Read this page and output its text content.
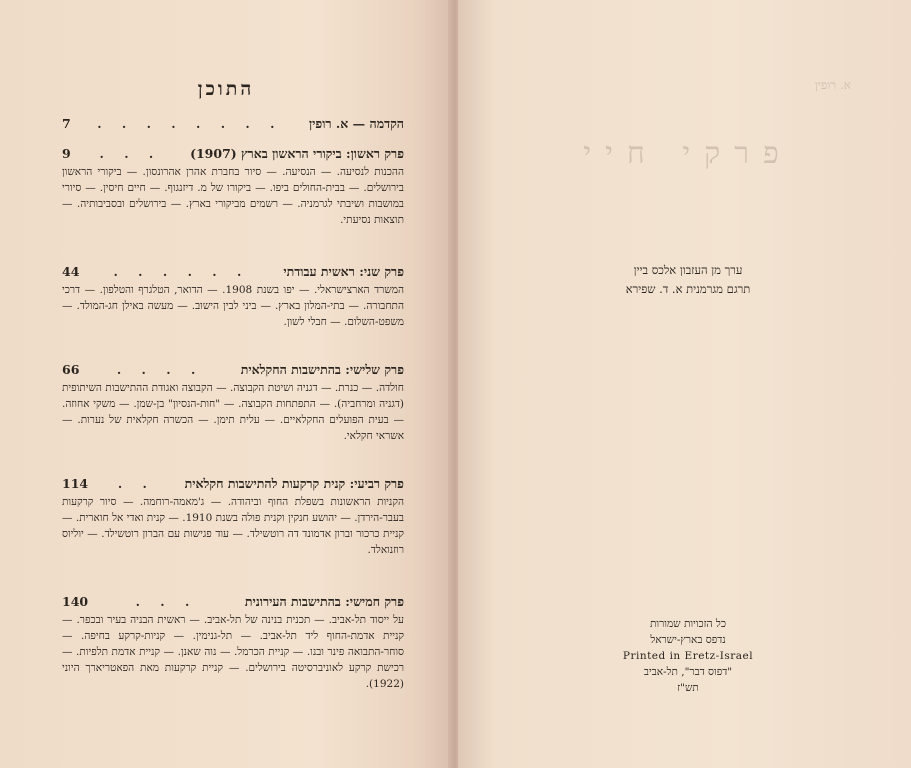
התוכן
הקדמה — א. רופין
. . . . . . . .
7
פרק ראשון: ביקורי הראשון בארץ (1907)
. . .
9

ההכנות לנסיעה. — הנסיעה. — סיור בחברת אהרן אהרונסון. — ביקורי הראשון בירושלים. — בבית-החולים ביפו. — ביקורו של מ. דיזנגוף. — חיים חיסין. — סיורי במושבות ושיבתי לגרמניה. — רשמים מביקורי בארץ. — בירושלים ובסביבותיה. — תוצאות נסיעתי.

פרק שני: ראשית עבודתי
. . . . . .
44

המשרד הארצישראלי. — יפו בשנת 1908. — הדואר, הטלגרף והטלפון. — דרכי התחבורה. — בתי-המלון בארץ. — ביני לבין הישוב. — מעשה באילן חג-המולד. — משפט-השלום. — חבלי לשון.

פרק שלישי: בהתישבות החקלאית
. . . .
66

חולדה. — כנרת. — דגניה ושיטת הקבוצה. — הקבוצה ואגודת ההתישבות השיתופית (דגניה ומרחביה). — התפתחות הקבוצה. — "חות-הנסיון" בן-שמן. — משקי אחוזה. — בעית הפועלים החקלאיים. — עלית תימן. — הכשרה חקלאית של נערות. — אשראי חקלאי.

פרק רביעי: קנית קרקעות להתישבות חקלאית
. .
114

הקניות הראשונות בשפלת החוף וביהודה. — ג'מאמה-רוחמה. — סיור קרקעות בעבר-הירדן. — יהושע חנקין וקנית פולה בשנת 1910. — קנית ואדי אל חוארית. — קניית כרכור וברון אדמונד דה רוטשילד. — עוד פגישות עם הברון רוטשילד. — יוליוס רוזנואלד.

פרק חמישי: בהתישבות העירונית
. . .
140

על ייסוד תל-אביב. — תכנית בנינה של תל-אביב. — ראשית הבניה בעיר ובכפר. — קניית אדמת-החוף ליד תל-אביב. — תל-גנימין. — קניות-קרקע בחיפה. — סוחר-התבואה פינר ובנו. — קניית הכרמל. — נוה שאנן. — קניית אדמת תלפיות. — רכישת קרקע לאוניברסיטה בירושלים. — קניית קרקעות מאת הפאטריארך היוני (1922).

א. רופין
פרקי חיי
ערך מן העזבון אלכס ביין
תרגם מגרמנית א. ד. שפירא
כל הזכויות שמורות
נדפס בארץ-ישראל
Printed in Eretz-Israel
"דפוס דבר", תל-אביב
תש"ז
